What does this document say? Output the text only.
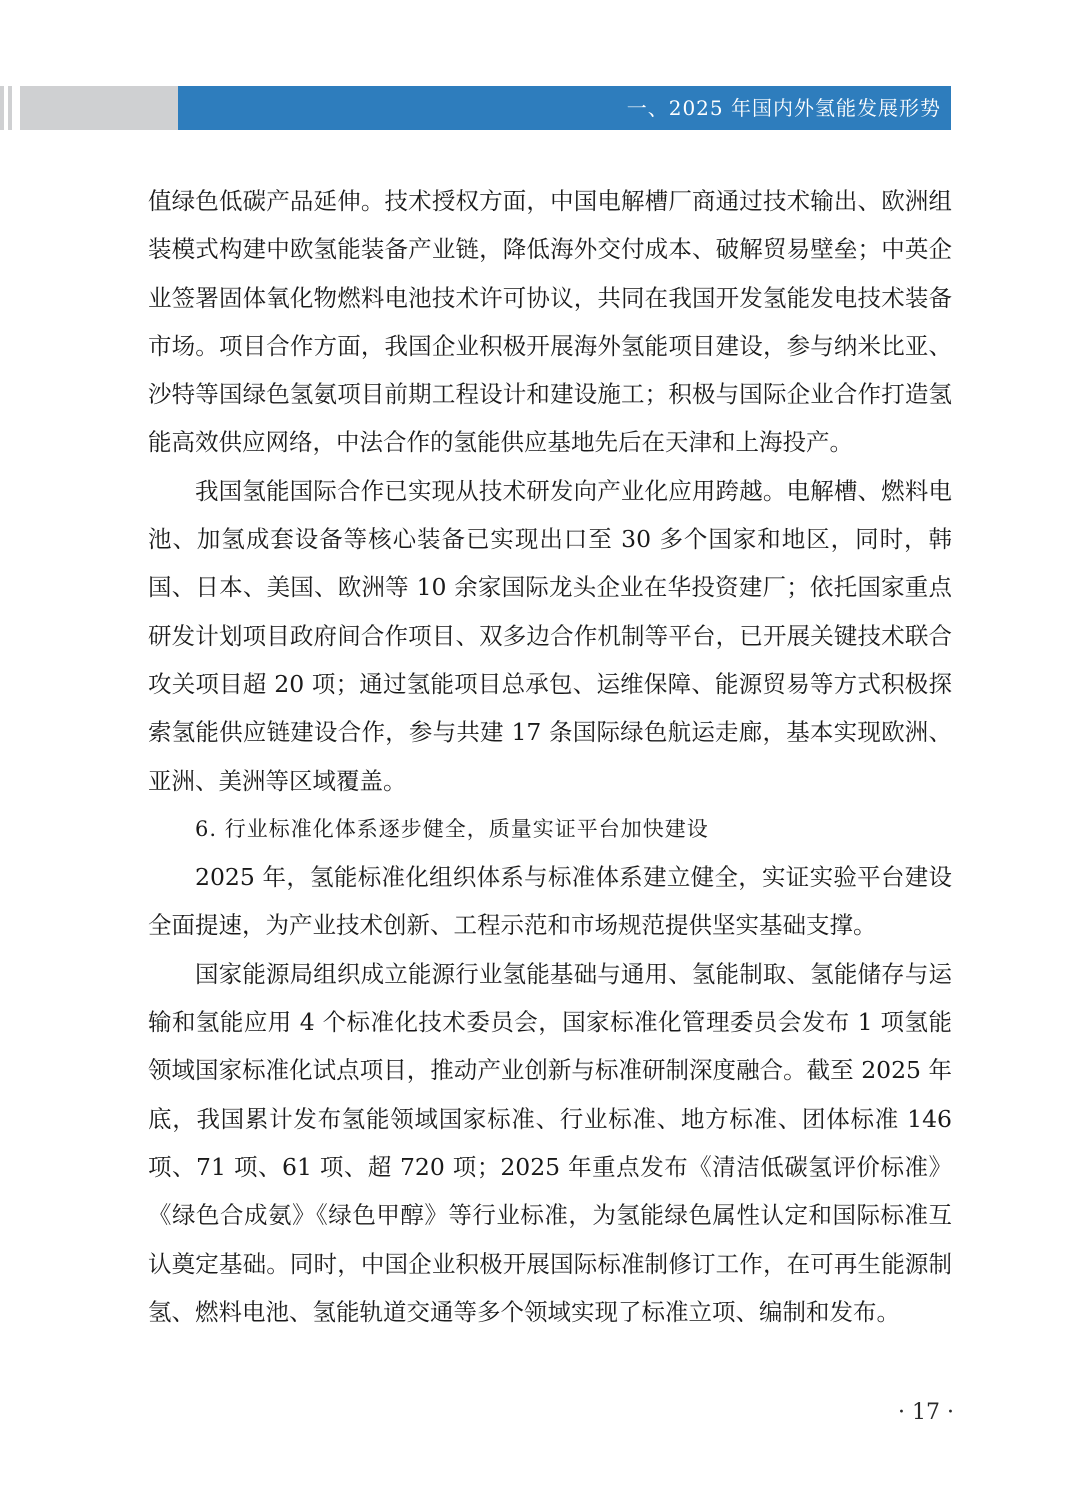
一、2025 年国内外氢能发展形势

值绿色低碳产品延伸。技术授权方面，中国电解槽厂商通过技术输出、欧洲组装模式构建中欧氢能装备产业链，降低海外交付成本、破解贸易壁垒；中英企业签署固体氧化物燃料电池技术许可协议，共同在我国开发氢能发电技术装备市场。项目合作方面，我国企业积极开展海外氢能项目建设，参与纳米比亚、沙特等国绿色氢氨项目前期工程设计和建设施工；积极与国际企业合作打造氢能高效供应网络，中法合作的氢能供应基地先后在天津和上海投产。

我国氢能国际合作已实现从技术研发向产业化应用跨越。电解槽、燃料电池、加氢成套设备等核心装备已实现出口至 30 多个国家和地区，同时，韩国、日本、美国、欧洲等 10 余家国际龙头企业在华投资建厂；依托国家重点研发计划项目政府间合作项目、双多边合作机制等平台，已开展关键技术联合攻关项目超 20 项；通过氢能项目总承包、运维保障、能源贸易等方式积极探索氢能供应链建设合作，参与共建 17 条国际绿色航运走廊，基本实现欧洲、亚洲、美洲等区域覆盖。

6. 行业标准化体系逐步健全，质量实证平台加快建设

2025 年，氢能标准化组织体系与标准体系建立健全，实证实验平台建设全面提速，为产业技术创新、工程示范和市场规范提供坚实基础支撑。

国家能源局组织成立能源行业氢能基础与通用、氢能制取、氢能储存与运输和氢能应用 4 个标准化技术委员会，国家标准化管理委员会发布 1 项氢能领域国家标准化试点项目，推动产业创新与标准研制深度融合。截至 2025 年底，我国累计发布氢能领域国家标准、行业标准、地方标准、团体标准 146 项、71 项、61 项、超 720 项；2025 年重点发布《清洁低碳氢评价标准》《绿色合成氨》《绿色甲醇》等行业标准，为氢能绿色属性认定和国际标准互认奠定基础。同时，中国企业积极开展国际标准制修订工作，在可再生能源制氢、燃料电池、氢能轨道交通等多个领域实现了标准立项、编制和发布。

· 17 ·
